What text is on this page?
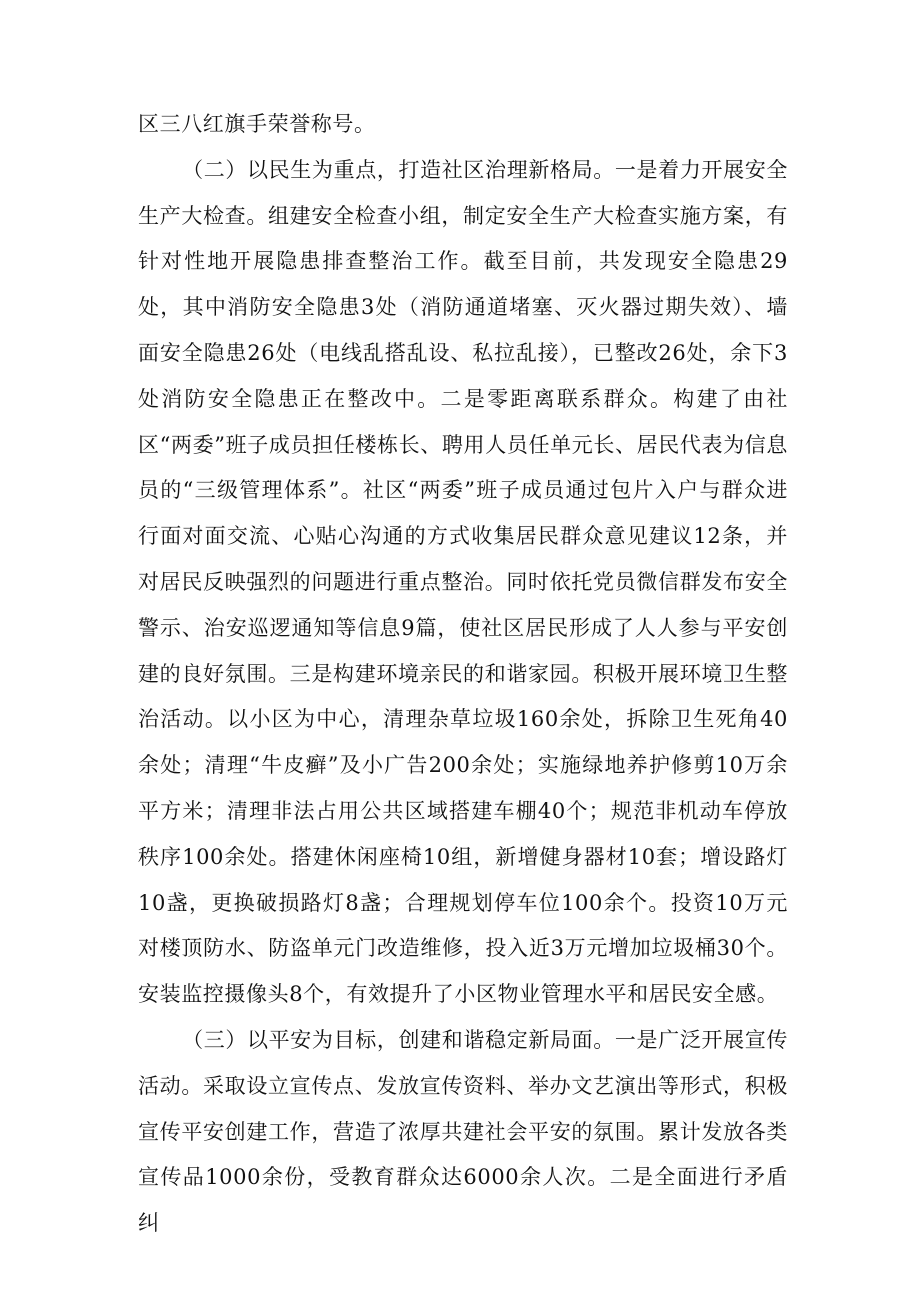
区三八红旗手荣誉称号。

（二）以民生为重点，打造社区治理新格局。一是着力开展安全生产大检查。组建安全检查小组，制定安全生产大检查实施方案，有针对性地开展隐患排查整治工作。截至目前，共发现安全隐患29处，其中消防安全隐患3处（消防通道堵塞、灭火器过期失效）、墙面安全隐患26处（电线乱搭乱设、私拉乱接），已整改26处，余下3处消防安全隐患正在整改中。二是零距离联系群众。构建了由社区“两委”班子成员担任楼栋长、聘用人员任单元长、居民代表为信息员的“三级管理体系”。社区“两委”班子成员通过包片入户与群众进行面对面交流、心贴心沟通的方式收集居民群众意见建议12条，并对居民反映强烈的问题进行重点整治。同时依托党员微信群发布安全警示、治安巡逻通知等信息9篇，使社区居民形成了人人参与平安创建的良好氛围。三是构建环境亲民的和谐家园。积极开展环境卫生整治活动。以小区为中心，清理杂草垃圾160余处，拆除卫生死角40余处；清理“牛皮癣”及小广告200余处；实施绿地养护修剪10万余平方米；清理非法占用公共区域搭建车棚40个；规范非机动车停放秩序100余处。搭建休闲座椅10组，新增健身器材10套；增设路灯10盏，更换破损路灯8盏；合理规划停车位100余个。投资10万元对楼顶防水、防盗单元门改造维修，投入近3万元增加垃圾桶30个。安装监控摄像头8个，有效提升了小区物业管理水平和居民安全感。

（三）以平安为目标，创建和谐稳定新局面。一是广泛开展宣传活动。采取设立宣传点、发放宣传资料、举办文艺演出等形式，积极宣传平安创建工作，营造了浓厚共建社会平安的氛围。累计发放各类宣传品1000余份，受教育群众达6000余人次。二是全面进行矛盾纠
